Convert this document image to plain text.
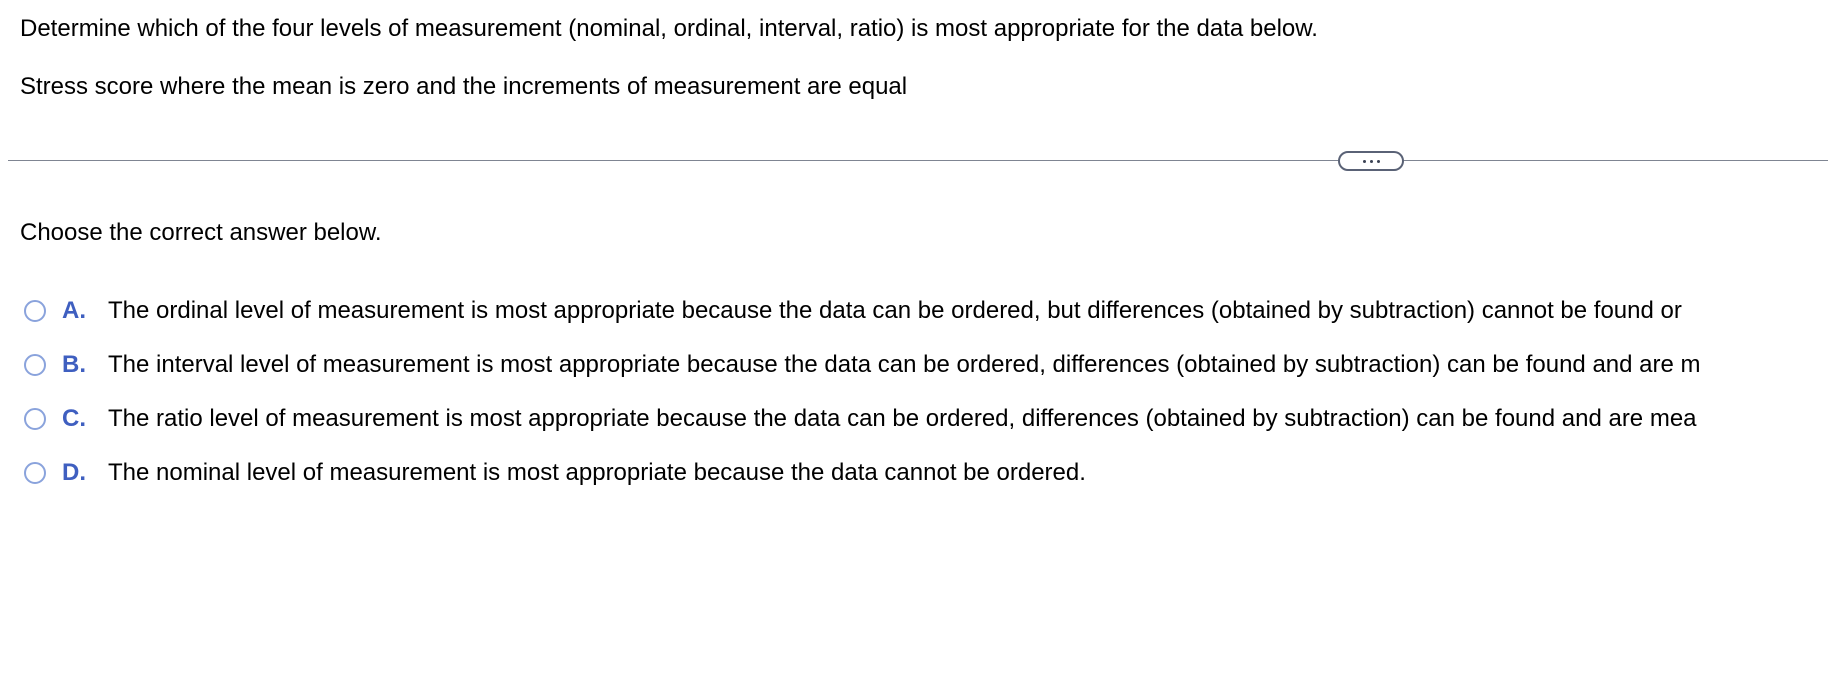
Determine which of the four levels of measurement (nominal, ordinal, interval, ratio) is most appropriate for the data below.
Stress score where the mean is zero and the increments of measurement are equal
Choose the correct answer below.
A. The ordinal level of measurement is most appropriate because the data can be ordered, but differences (obtained by subtraction) cannot be found or
B. The interval level of measurement is most appropriate because the data can be ordered, differences (obtained by subtraction) can be found and are m
C. The ratio level of measurement is most appropriate because the data can be ordered, differences (obtained by subtraction) can be found and are mea
D. The nominal level of measurement is most appropriate because the data cannot be ordered.
